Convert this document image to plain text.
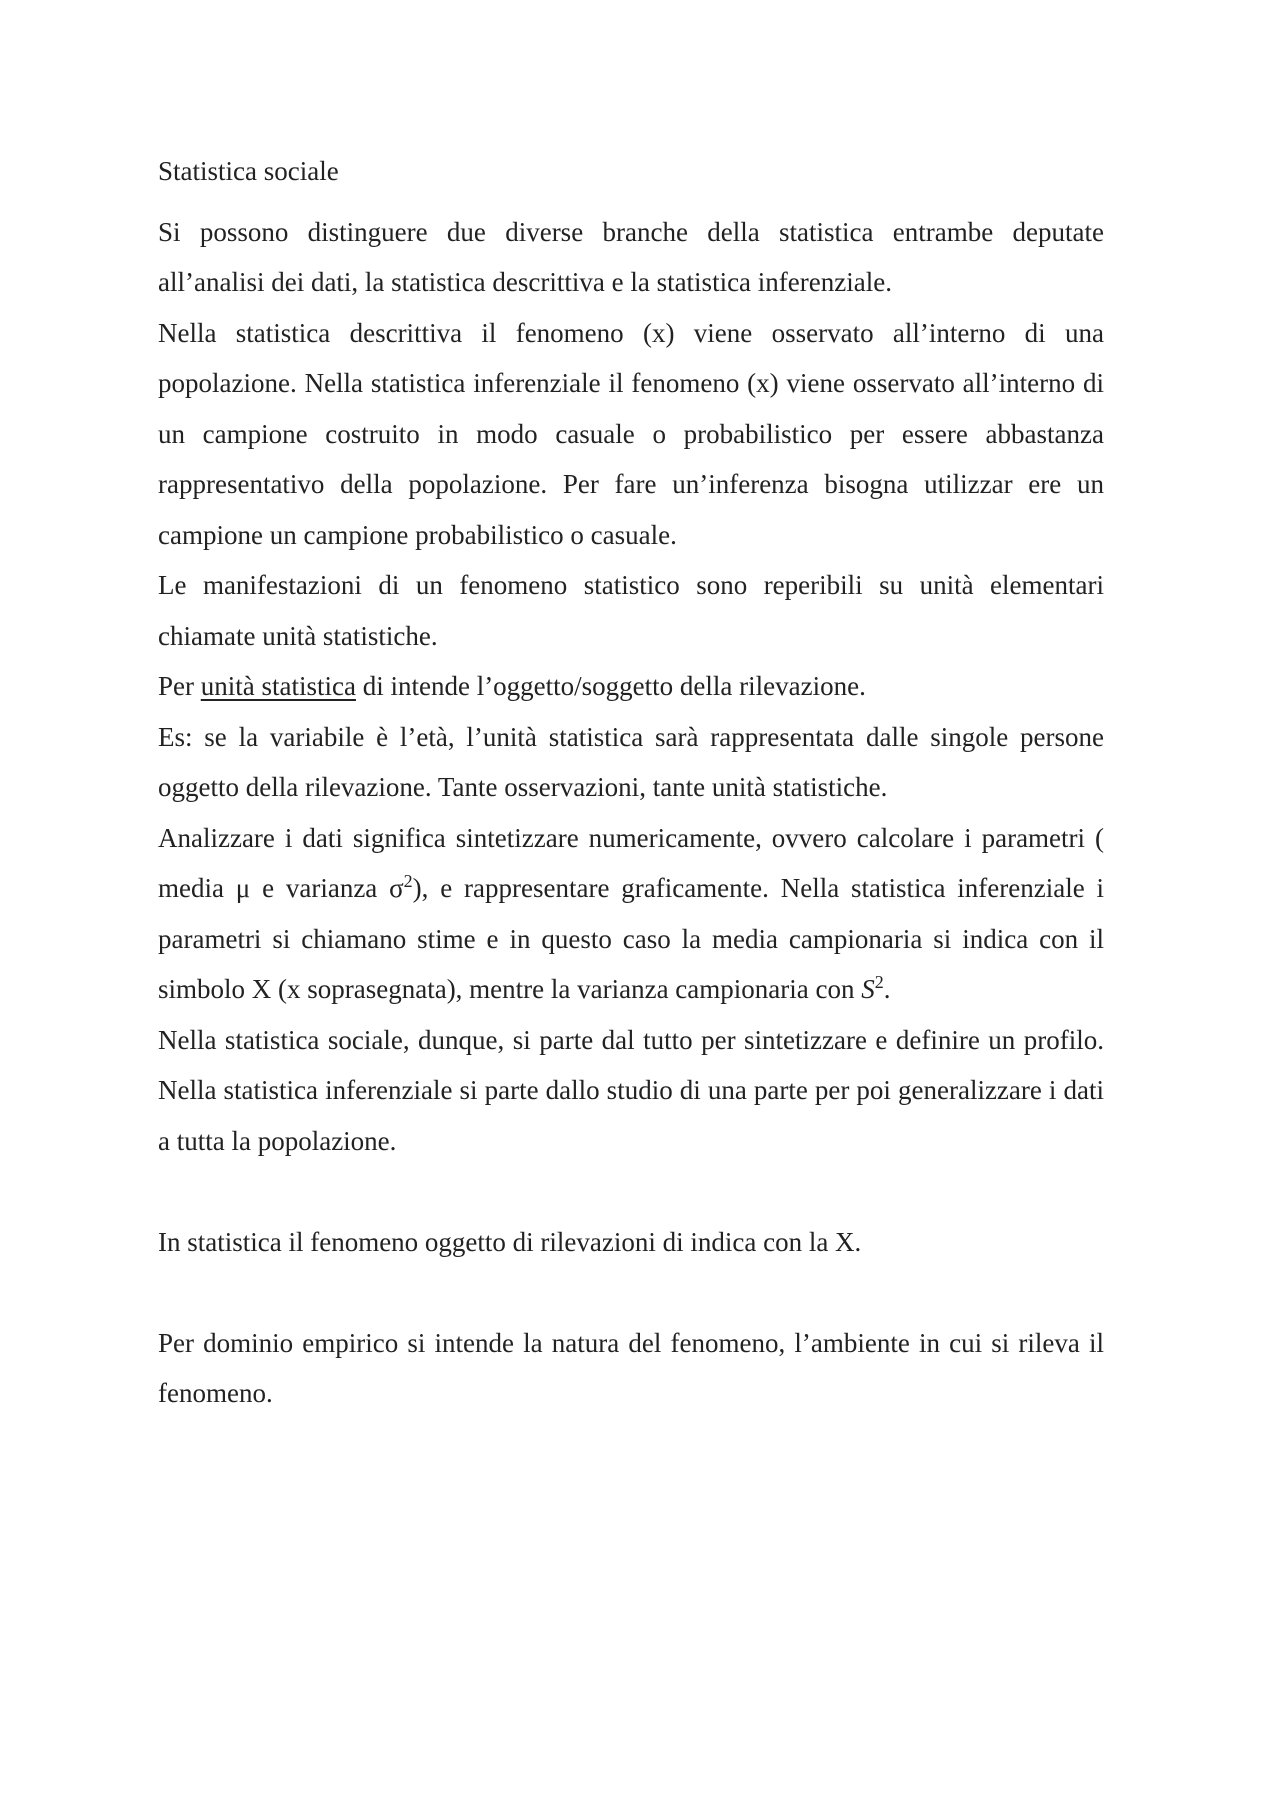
Statistica sociale

Si possono distinguere due diverse branche della statistica entrambe deputate all’analisi dei dati, la statistica descrittiva e la statistica inferenziale.

Nella statistica descrittiva il fenomeno (x) viene osservato all’interno di una popolazione. Nella statistica inferenziale il fenomeno (x) viene osservato all’interno di un campione costruito in modo casuale o probabilistico per essere abbastanza rappresentativo della popolazione. Per fare un’inferenza bisogna utilizzar ere un campione un campione probabilistico o casuale.

Le manifestazioni di un fenomeno statistico sono reperibili su unità elementari chiamate unità statistiche.

Per unità statistica di intende l’oggetto/soggetto della rilevazione.

Es: se la variabile è l’età, l’unità statistica sarà rappresentata dalle singole persone oggetto della rilevazione. Tante osservazioni, tante unità statistiche.

Analizzare i dati significa sintetizzare numericamente, ovvero calcolare i parametri ( media μ e varianza $\sigma^2$), e rappresentare graficamente. Nella statistica inferenziale i parametri si chiamano stime e in questo caso la media campionaria si indica con il simbolo X (x soprasegnata), mentre la varianza campionaria con $S^2$.

Nella statistica sociale, dunque, si parte dal tutto per sintetizzare e definire un profilo. Nella statistica inferenziale si parte dallo studio di una parte per poi generalizzare i dati a tutta la popolazione.

In statistica il fenomeno oggetto di rilevazioni di indica con la X.

Per dominio empirico si intende la natura del fenomeno, l’ambiente in cui si rileva il fenomeno.
